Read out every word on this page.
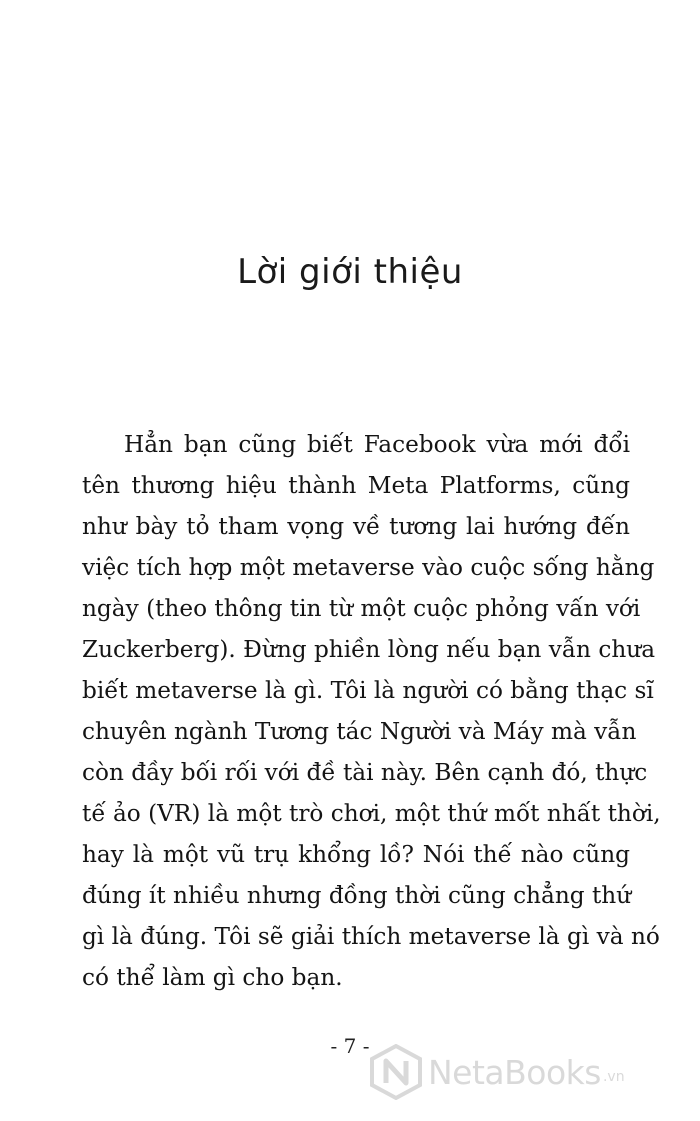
Lời giới thiệu
Hẳn bạn cũng biết Facebook vừa mới đổi
tên thương hiệu thành Meta Platforms, cũng
như bày tỏ tham vọng về tương lai hướng đến
việc tích hợp một metaverse vào cuộc sống hằng
ngày (theo thông tin từ một cuộc phỏng vấn với
Zuckerberg). Đừng phiền lòng nếu bạn vẫn chưa
biết metaverse là gì. Tôi là người có bằng thạc sĩ
chuyên ngành Tương tác Người và Máy mà vẫn
còn đầy bối rối với đề tài này. Bên cạnh đó, thực
tế ảo (VR) là một trò chơi, một thứ mốt nhất thời,
hay là một vũ trụ khổng lồ? Nói thế nào cũng
đúng ít nhiều nhưng đồng thời cũng chẳng thứ
gì là đúng. Tôi sẽ giải thích metaverse là gì và nó
có thể làm gì cho bạn.
- 7 -
NetaBooks .vn
